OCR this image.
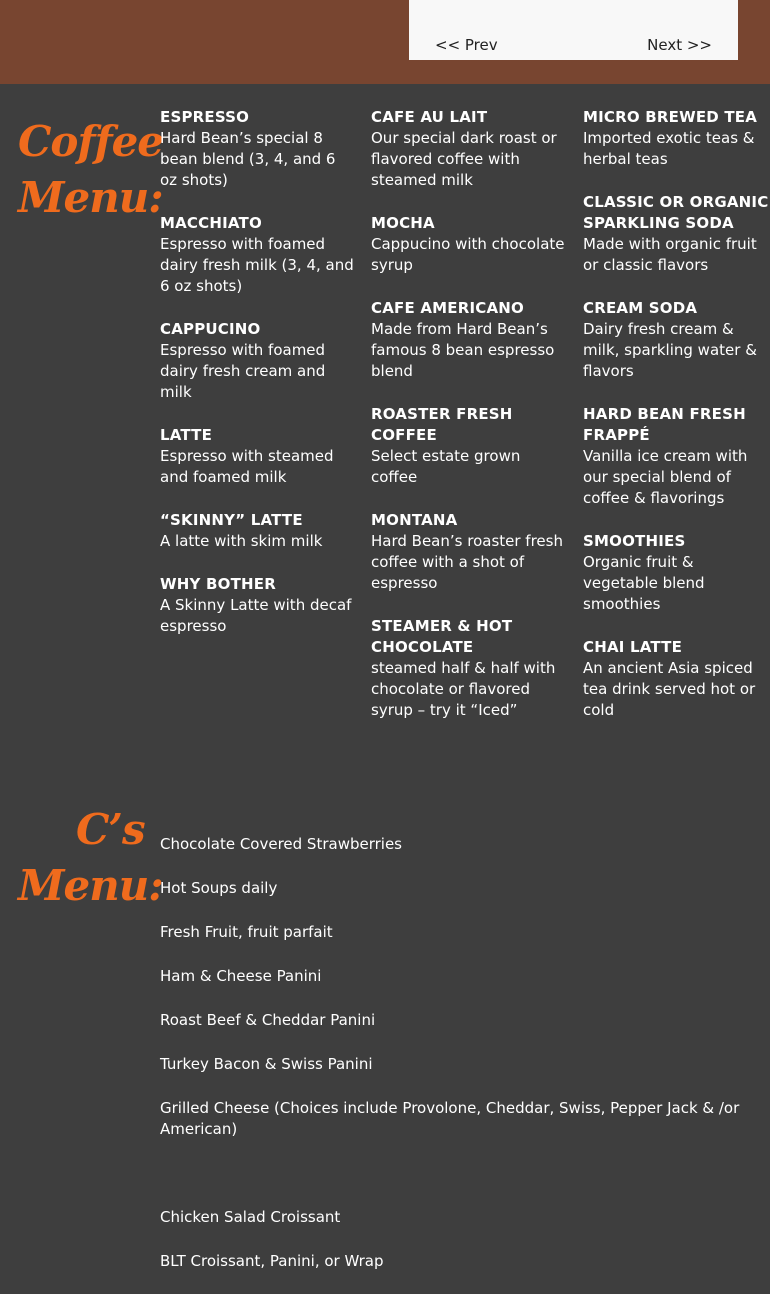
<< Prev	Next >>
Coffee
Menu:
ESPRESSO
Hard Bean’s special 8 bean blend (3, 4, and 6 oz shots)
MACCHIATO
Espresso with foamed dairy fresh milk (3, 4, and 6 oz shots)
CAPPUCINO
Espresso with foamed dairy fresh cream and milk
LATTE
Espresso with steamed and foamed milk
“SKINNY” LATTE
A latte with skim milk
WHY BOTHER
A Skinny Latte with decaf espresso
CAFE AU LAIT
Our special dark roast or flavored coffee with steamed milk
MOCHA
Cappucino with chocolate syrup
CAFE AMERICANO
Made from Hard Bean’s famous 8 bean espresso blend
ROASTER FRESH COFFEE
Select estate grown coffee
MONTANA
Hard Bean’s roaster fresh coffee with a shot of espresso
STEAMER & HOT CHOCOLATE
steamed half & half with chocolate or flavored syrup – try it “Iced”
MICRO BREWED TEA
Imported exotic teas & herbal teas
CLASSIC OR ORGANIC SPARKLING SODA
Made with organic fruit or classic flavors
CREAM SODA
Dairy fresh cream & milk, sparkling water & flavors
HARD BEAN FRESH FRAPPÉ
Vanilla ice cream with our special blend of coffee & flavorings
SMOOTHIES
Organic fruit & vegetable blend smoothies
CHAI LATTE
An ancient Asia spiced tea drink served hot or cold
C’s
Menu:
Chocolate Covered Strawberries
Hot Soups daily
Fresh Fruit, fruit parfait
Ham & Cheese Panini
Roast Beef & Cheddar Panini
Turkey Bacon & Swiss Panini
Grilled Cheese (Choices include Provolone, Cheddar, Swiss, Pepper Jack & /or American)
Chicken Salad Croissant
BLT Croissant, Panini, or Wrap
